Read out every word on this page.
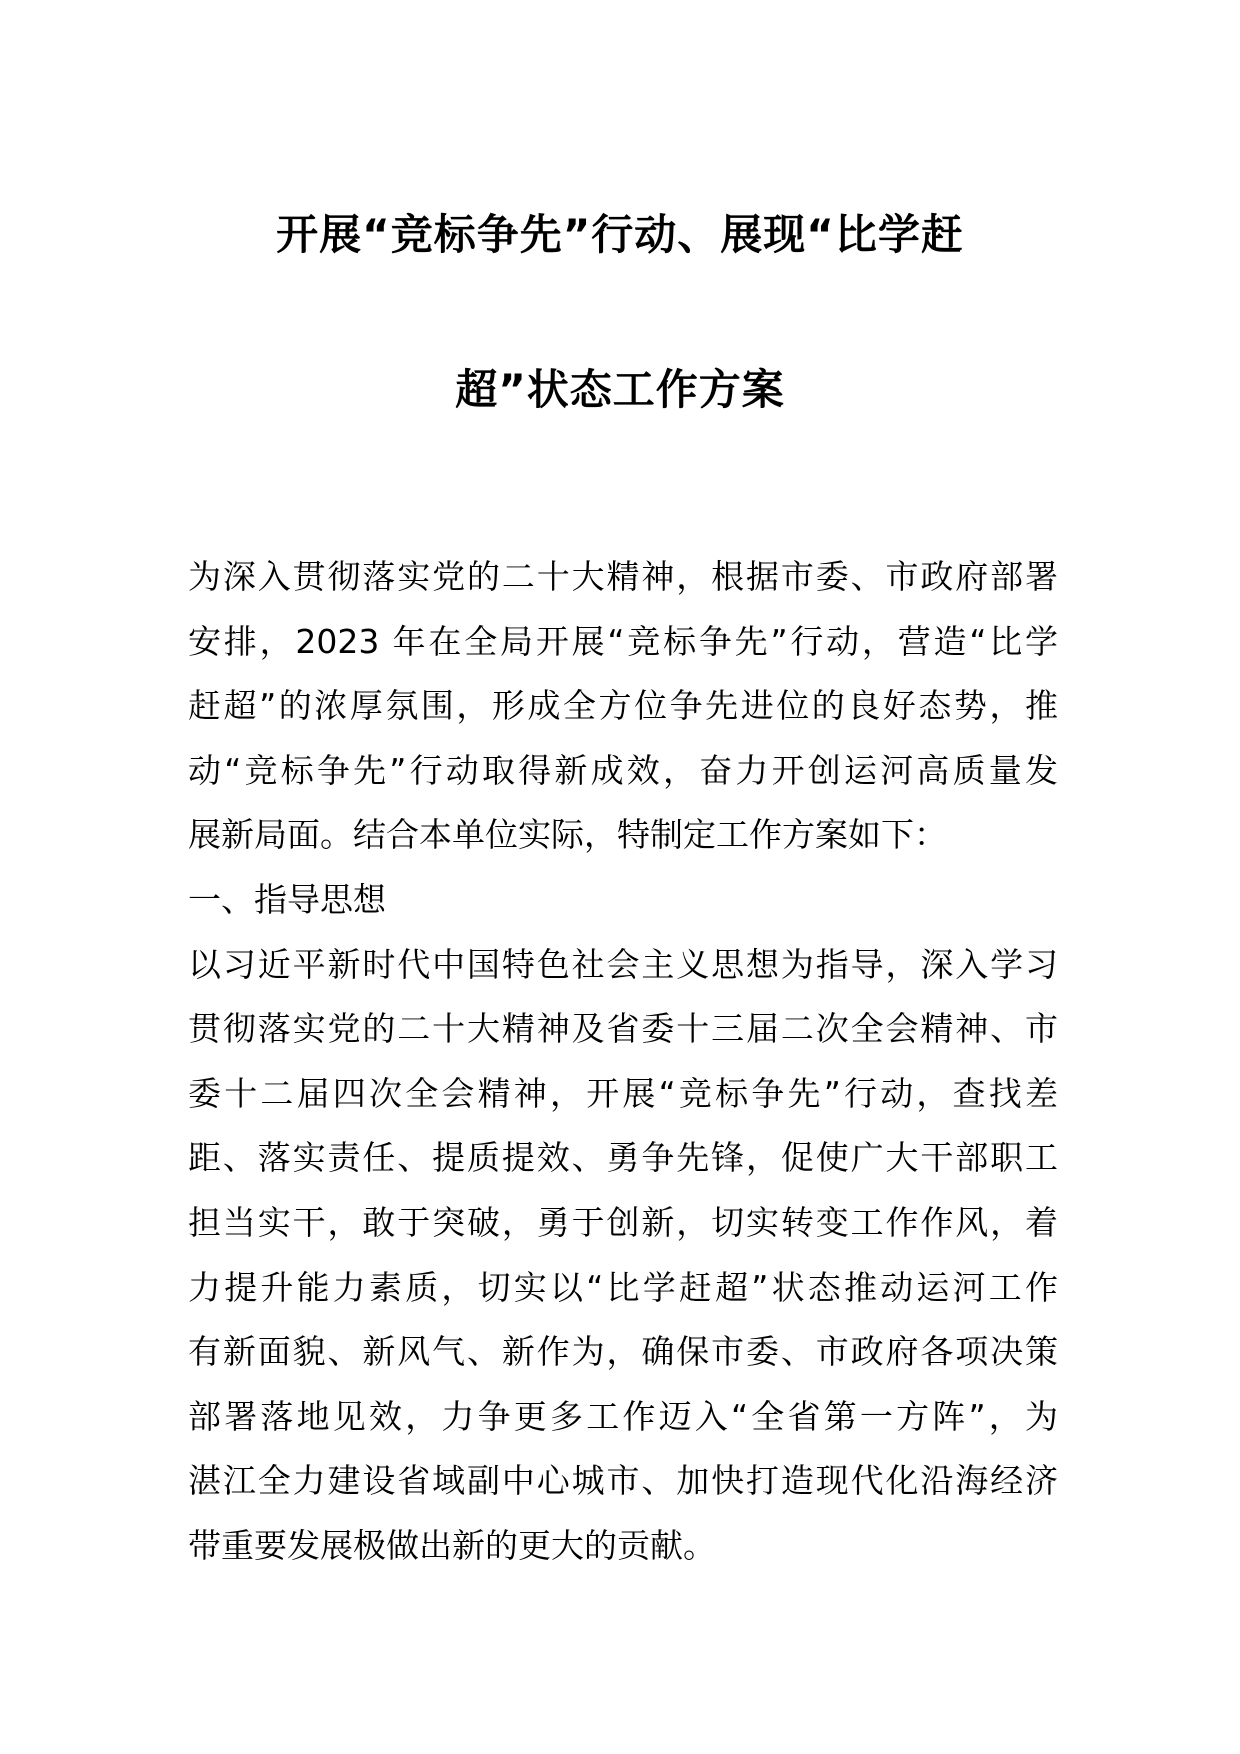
开展“竞标争先”行动、展现“比学赶
超”状态工作方案
为深入贯彻落实党的二十大精神，根据市委、市政府部署
安排，2023 年在全局开展“竞标争先”行动，营造“比学
赶超”的浓厚氛围，形成全方位争先进位的良好态势，推
动“竞标争先”行动取得新成效，奋力开创运河高质量发
展新局面。结合本单位实际，特制定工作方案如下：
一、指导思想
以习近平新时代中国特色社会主义思想为指导，深入学习
贯彻落实党的二十大精神及省委十三届二次全会精神、市
委十二届四次全会精神，开展“竞标争先”行动，查找差
距、落实责任、提质提效、勇争先锋，促使广大干部职工
担当实干，敢于突破，勇于创新，切实转变工作作风，着
力提升能力素质，切实以“比学赶超”状态推动运河工作
有新面貌、新风气、新作为，确保市委、市政府各项决策
部署落地见效，力争更多工作迈入“全省第一方阵”，为
湛江全力建设省域副中心城市、加快打造现代化沿海经济
带重要发展极做出新的更大的贡献。
